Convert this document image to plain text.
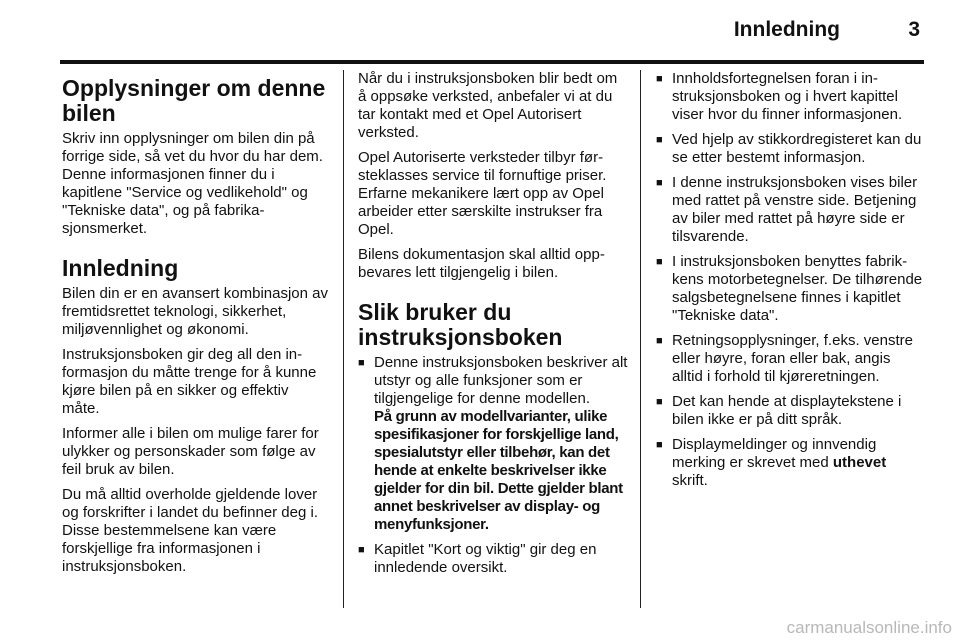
Innledning	3
Opplysninger om denne bilen

Skriv inn opplysninger om bilen din på forrige side, så vet du hvor du har dem. Denne informasjonen finner du i kapitlene "Service og vedlikehold" og "Tekniske data", og på fabrikasjonsmerket.

Innledning

Bilen din er en avansert kombinasjon av fremtidsrettet teknologi, sikkerhet, miljøvennlighet og økonomi.

Instruksjonsboken gir deg all den informasjon du måtte trenge for å kunne kjøre bilen på en sikker og effektiv måte.

Informer alle i bilen om mulige farer for ulykker og personskader som følge av feil bruk av bilen.

Du må alltid overholde gjeldende lover og forskrifter i landet du befinner deg i. Disse bestemmelsene kan være forskjellige fra informasjonen i instruksjonsboken.

Når du i instruksjonsboken blir bedt om å oppsøke verksted, anbefaler vi at du tar kontakt med et Opel Autorisert verksted.

Opel Autoriserte verksteder tilbyr førsteklasses service til fornuftige priser. Erfarne mekanikere lært opp av Opel arbeider etter særskilte instrukser fra Opel.

Bilens dokumentasjon skal alltid oppbevares lett tilgjengelig i bilen.

Slik bruker du instruksjonsboken
■ Denne instruksjonsboken beskriver alt utstyr og alle funksjoner som er tilgjengelige for denne modellen.
På grunn av modellvarianter, ulike spesifikasjoner for forskjellige land, spesialutstyr eller tilbehør, kan det hende at enkelte beskrivelser ikke gjelder for din bil. Dette gjelder blant annet beskrivelser av display- og menyfunksjoner.
■ Kapitlet "Kort og viktig" gir deg en innledende oversikt.
■ Innholdsfortegnelsen foran i instruksjonsboken og i hvert kapittel viser hvor du finner informasjonen.
■ Ved hjelp av stikkordregisteret kan du se etter bestemt informasjon.
■ I denne instruksjonsboken vises biler med rattet på venstre side. Betjening av biler med rattet på høyre side er tilsvarende.
■ I instruksjonsboken benyttes fabrikkens motorbetegnelser. De tilhørende salgsbetegnelsene finnes i kapitlet "Tekniske data".
■ Retningsopplysninger, f.eks. venstre eller høyre, foran eller bak, angis alltid i forhold til kjøreretningen.
■ Det kan hende at displaytekstene i bilen ikke er på ditt språk.
■ Displaymeldinger og innvendig merking er skrevet med uthevet skrift.
carmanualsonline.info
